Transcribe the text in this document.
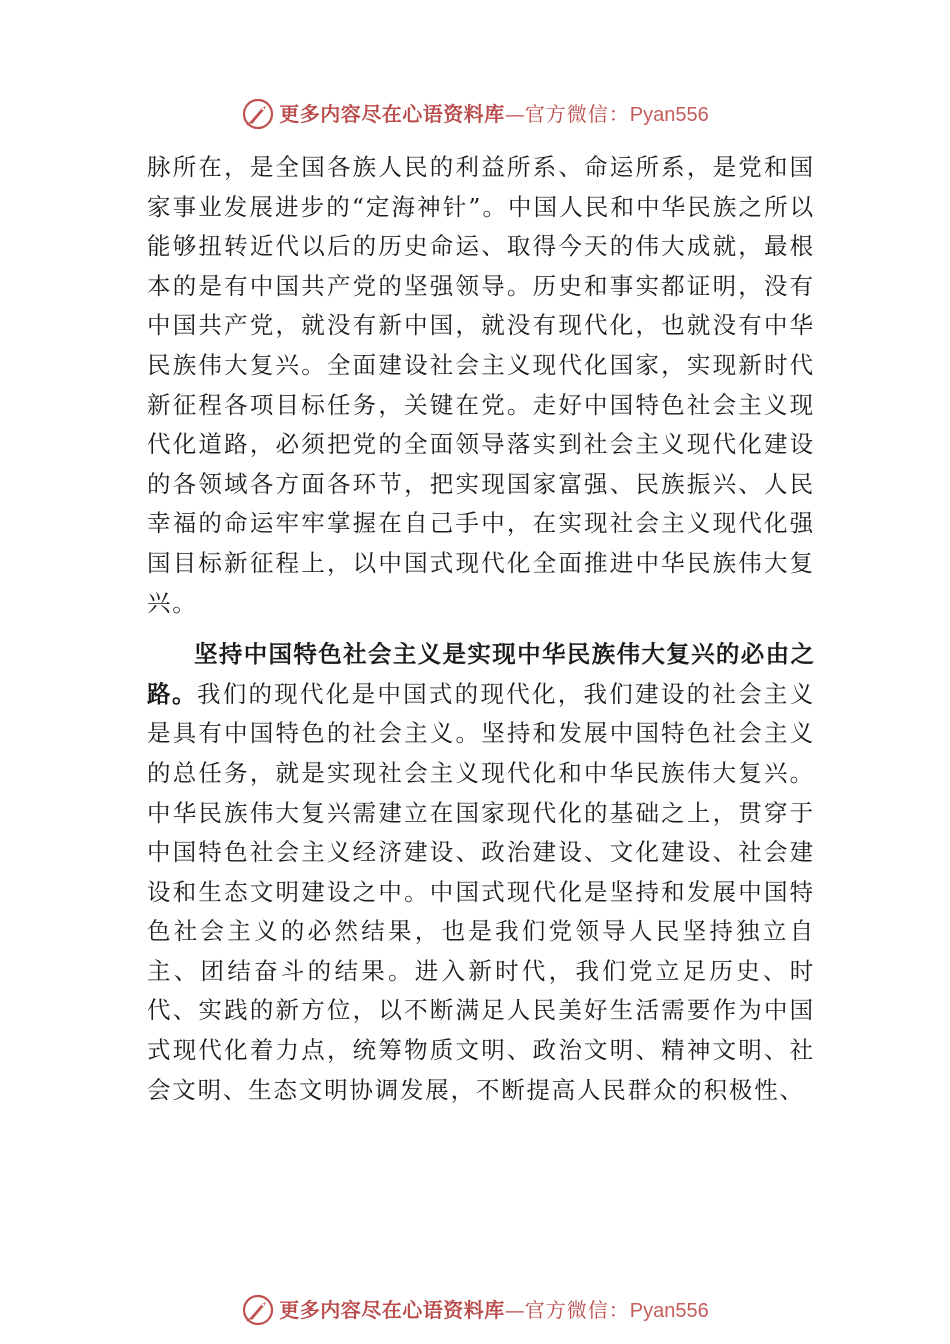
更多内容尽在心语资料库—官方微信：Pyan556

脉所在，是全国各族人民的利益所系、命运所系，是党和国家事业发展进步的“定海神针”。中国人民和中华民族之所以能够扭转近代以后的历史命运、取得今天的伟大成就，最根本的是有中国共产党的坚强领导。历史和事实都证明，没有中国共产党，就没有新中国，就没有现代化，也就没有中华民族伟大复兴。全面建设社会主义现代化国家，实现新时代新征程各项目标任务，关键在党。走好中国特色社会主义现代化道路，必须把党的全面领导落实到社会主义现代化建设的各领域各方面各环节，把实现国家富强、民族振兴、人民幸福的命运牢牢掌握在自己手中，在实现社会主义现代化强国目标新征程上，以中国式现代化全面推进中华民族伟大复兴。

坚持中国特色社会主义是实现中华民族伟大复兴的必由之路。我们的现代化是中国式的现代化，我们建设的社会主义是具有中国特色的社会主义。坚持和发展中国特色社会主义的总任务，就是实现社会主义现代化和中华民族伟大复兴。中华民族伟大复兴需建立在国家现代化的基础之上，贯穿于中国特色社会主义经济建设、政治建设、文化建设、社会建设和生态文明建设之中。中国式现代化是坚持和发展中国特色社会主义的必然结果，也是我们党领导人民坚持独立自主、团结奋斗的结果。进入新时代，我们党立足历史、时代、实践的新方位，以不断满足人民美好生活需要作为中国式现代化着力点，统筹物质文明、政治文明、精神文明、社会文明、生态文明协调发展，不断提高人民群众的积极性、

更多内容尽在心语资料库—官方微信：Pyan556
